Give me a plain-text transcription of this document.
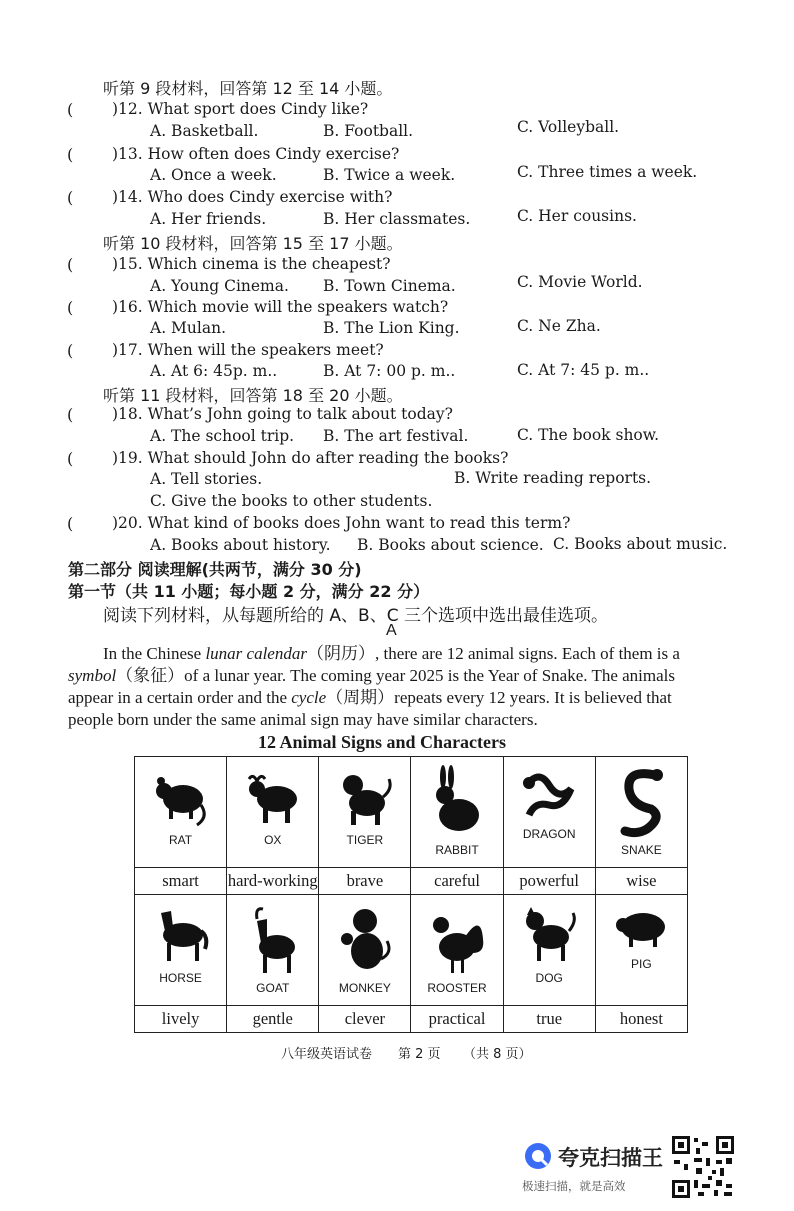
听第 9 段材料，回答第 12 至 14 小题。
(	)12. What sport does Cindy like?
A. Basketball.	B. Football.	C. Volleyball.
(	)13. How often does Cindy exercise?
A. Once a week.	B. Twice a week.	C. Three times a week.
(	)14. Who does Cindy exercise with?
A. Her friends.	B. Her classmates.	C. Her cousins.
听第 10 段材料，回答第 15 至 17 小题。
(	)15. Which cinema is the cheapest?
A. Young Cinema. B. Town Cinema.	C. Movie World.
(	)16. Which movie will the speakers watch?
A. Mulan.	B. The Lion King.	C. Ne Zha.
(	)17. When will the speakers meet?
A. At 6: 45p. m..	B. At 7: 00 p. m..	C. At 7: 45 p. m..
听第 11 段材料，回答第 18 至 20 小题。
(	)18. What’s John going to talk about today?
A. The school trip. B. The art festival.	C. The book show.
(	)19. What should John do after reading the books?
A. Tell stories.	B. Write reading reports.
C. Give the books to other students.
(	)20. What kind of books does John want to read this term?
A. Books about history. B. Books about science. C. Books about music.
第二部分 阅读理解(共两节，满分 30 分)
第一节（共 11 小题；每小题 2 分，满分 22 分）
阅读下列材料，从每题所给的 A、B、C 三个选项中选出最佳选项。
A
In the Chinese lunar calendar（阴历）, there are 12 animal signs. Each of them is a
symbol（象征）of a lunar year. The coming year 2025 is the Year of Snake. The animals
appear in a certain order and the cycle（周期）repeats every 12 years. It is believed that
people born under the same animal sign may have similar characters.
12 Animal Signs and Characters
RAT	OX	TIGER	RABBIT	DRAGON	SNAKE

smart	hard-working	brave	careful	powerful	wise

HORSE	GOAT	MONKEY	ROOSTER	DOG	PIG

lively	gentle	clever	practical	true	honest
八年级英语试卷 第 2 页 （共 8 页）
夸克扫描王
极速扫描，就是高效
